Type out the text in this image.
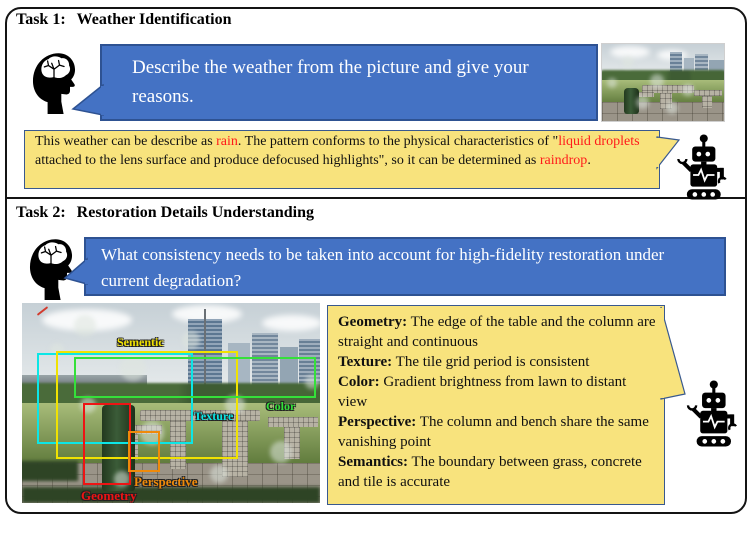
Task 1: Weather Identification
Describe the weather from the picture and give your reasons.
This weather can be describe as rain. The pattern conforms to the physical characteristics of "liquid droplets attached to the lens surface and produce defocused highlights", so it can be determined as raindrop.
Task 2: Restoration Details Understanding
What consistency needs to be taken into account for high-fidelity restoration under current degradation?
Sementic
Texture
Color
Perspective
Geometry

Geometry: The edge of the table and the column are straight and continuous

Texture: The tile grid period is consistent

Color: Gradient brightness from lawn to distant view

Perspective: The column and bench share the same vanishing point

Semantics: The boundary between grass, concrete and tile is accurate
